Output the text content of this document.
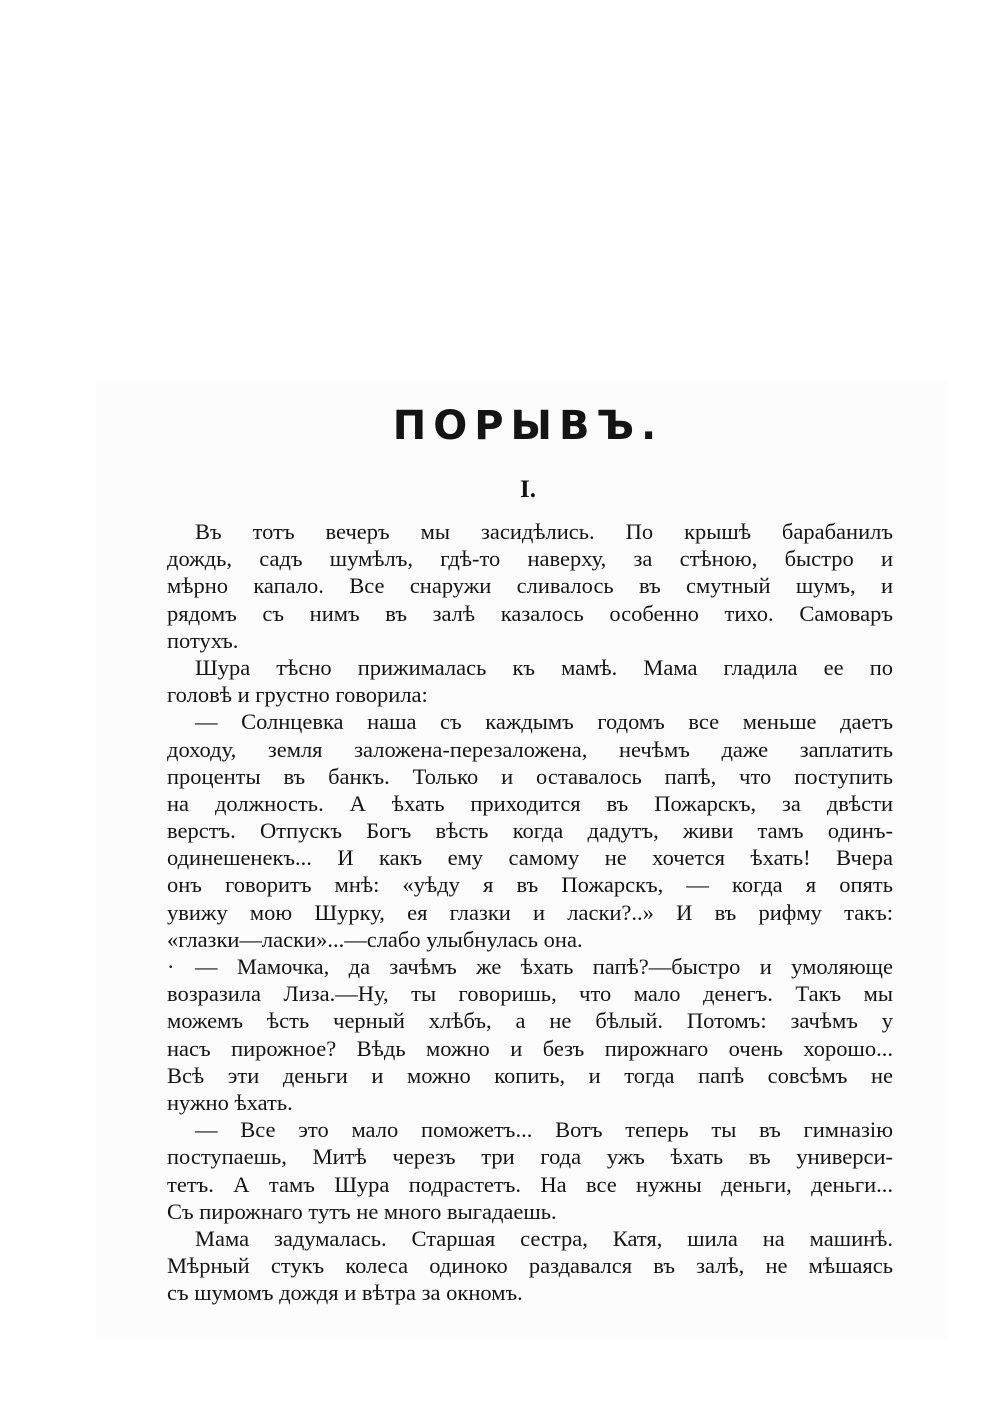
ПОРЫВЪ.
I.
Въ тотъ вечеръ мы засидѣлись. По крышѣ барабанилъ
дождь, садъ шумѣлъ, гдѣ-то наверху, за стѣною, быстро и
мѣрно капало. Все снаружи сливалось въ смутный шумъ, и
рядомъ съ нимъ въ залѣ казалось особенно тихо. Самоваръ
потухъ.
Шура тѣсно прижималась къ мамѣ. Мама гладила ее по
головѣ и грустно говорила:
— Солнцевка наша съ каждымъ годомъ все меньше даетъ
доходу, земля заложена-перезаложена, нечѣмъ даже заплатить
проценты въ банкъ. Только и оставалось папѣ, что поступить
на должность. А ѣхать приходится въ Пожарскъ, за двѣсти
верстъ. Отпускъ Богъ вѣсть когда дадутъ, живи тамъ одинъ-
одинешенекъ... И какъ ему самому не хочется ѣхать! Вчера
онъ говоритъ мнѣ: «уѣду я въ Пожарскъ, — когда я опять
увижу мою Шурку, ея глазки и ласки?..» И въ рифму такъ:
«глазки—ласки»...—слабо улыбнулась она.
· — Мамочка, да зачѣмъ же ѣхать папѣ?—быстро и умоляюще
возразила Лиза.—Ну, ты говоришь, что мало денегъ. Такъ мы
можемъ ѣсть черный хлѣбъ, а не бѣлый. Потомъ: зачѣмъ у
насъ пирожное? Вѣдь можно и безъ пирожнаго очень хорошо...
Всѣ эти деньги и можно копить, и тогда папѣ совсѣмъ не
нужно ѣхать.
— Все это мало поможетъ... Вотъ теперь ты въ гимназію
поступаешь, Митѣ черезъ три года ужъ ѣхать въ универси-
тетъ. А тамъ Шура подрастетъ. На все нужны деньги, деньги...
Съ пирожнаго тутъ не много выгадаешь.
Мама задумалась. Старшая сестра, Катя, шила на машинѣ.
Мѣрный стукъ колеса одиноко раздавался въ залѣ, не мѣшаясь
съ шумомъ дождя и вѣтра за окномъ.
